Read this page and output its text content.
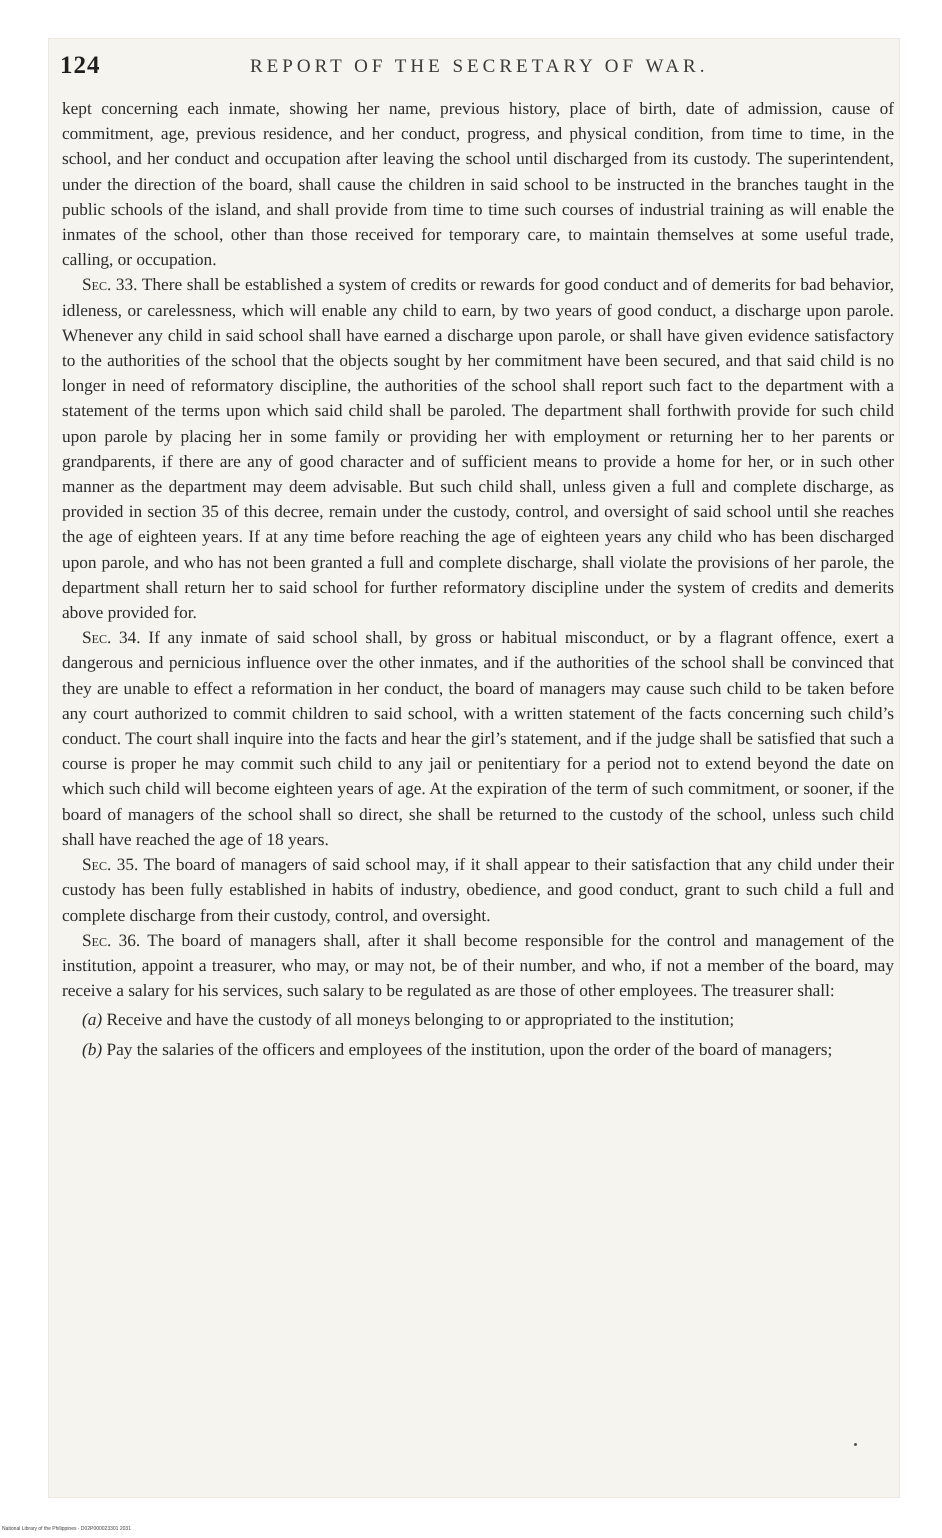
124	REPORT OF THE SECRETARY OF WAR.

kept concerning each inmate, showing her name, previous history, place of birth, date of admission, cause of commitment, age, previous residence, and her conduct, progress, and physical condition, from time to time, in the school, and her conduct and occupation after leaving the school until discharged from its custody. The superintendent, under the direction of the board, shall cause the children in said school to be instructed in the branches taught in the public schools of the island, and shall provide from time to time such courses of industrial training as will enable the inmates of the school, other than those received for temporary care, to maintain themselves at some useful trade, calling, or occupation.

Sec. 33. There shall be established a system of credits or rewards for good conduct and of demerits for bad behavior, idleness, or carelessness, which will enable any child to earn, by two years of good conduct, a discharge upon parole. Whenever any child in said school shall have earned a discharge upon parole, or shall have given evidence satisfactory to the authorities of the school that the objects sought by her commitment have been secured, and that said child is no longer in need of reformatory discipline, the authorities of the school shall report such fact to the department with a statement of the terms upon which said child shall be paroled. The department shall forthwith provide for such child upon parole by placing her in some family or providing her with employment or returning her to her parents or grandparents, if there are any of good character and of sufficient means to provide a home for her, or in such other manner as the department may deem advisable. But such child shall, unless given a full and complete discharge, as provided in section 35 of this decree, remain under the custody, control, and oversight of said school until she reaches the age of eighteen years. If at any time before reaching the age of eighteen years any child who has been discharged upon parole, and who has not been granted a full and complete discharge, shall violate the provisions of her parole, the department shall return her to said school for further reformatory discipline under the system of credits and demerits above provided for.

Sec. 34. If any inmate of said school shall, by gross or habitual misconduct, or by a flagrant offence, exert a dangerous and pernicious influence over the other inmates, and if the authorities of the school shall be convinced that they are unable to effect a reformation in her conduct, the board of managers may cause such child to be taken before any court authorized to commit children to said school, with a written statement of the facts concerning such child’s conduct. The court shall inquire into the facts and hear the girl’s statement, and if the judge shall be satisfied that such a course is proper he may commit such child to any jail or penitentiary for a period not to extend beyond the date on which such child will become eighteen years of age. At the expiration of the term of such commitment, or sooner, if the board of managers of the school shall so direct, she shall be returned to the custody of the school, unless such child shall have reached the age of 18 years.

Sec. 35. The board of managers of said school may, if it shall appear to their satisfaction that any child under their custody has been fully established in habits of industry, obedience, and good conduct, grant to such child a full and complete discharge from their custody, control, and oversight.

Sec. 36. The board of managers shall, after it shall become responsible for the control and management of the institution, appoint a treasurer, who may, or may not, be of their number, and who, if not a member of the board, may receive a salary for his services, such salary to be regulated as are those of other employees. The treasurer shall:

(a) Receive and have the custody of all moneys belonging to or appropriated to the institution;

(b) Pay the salaries of the officers and employees of the institution, upon the order of the board of managers;

National Library of the Philippines · D02P000023301 2031
